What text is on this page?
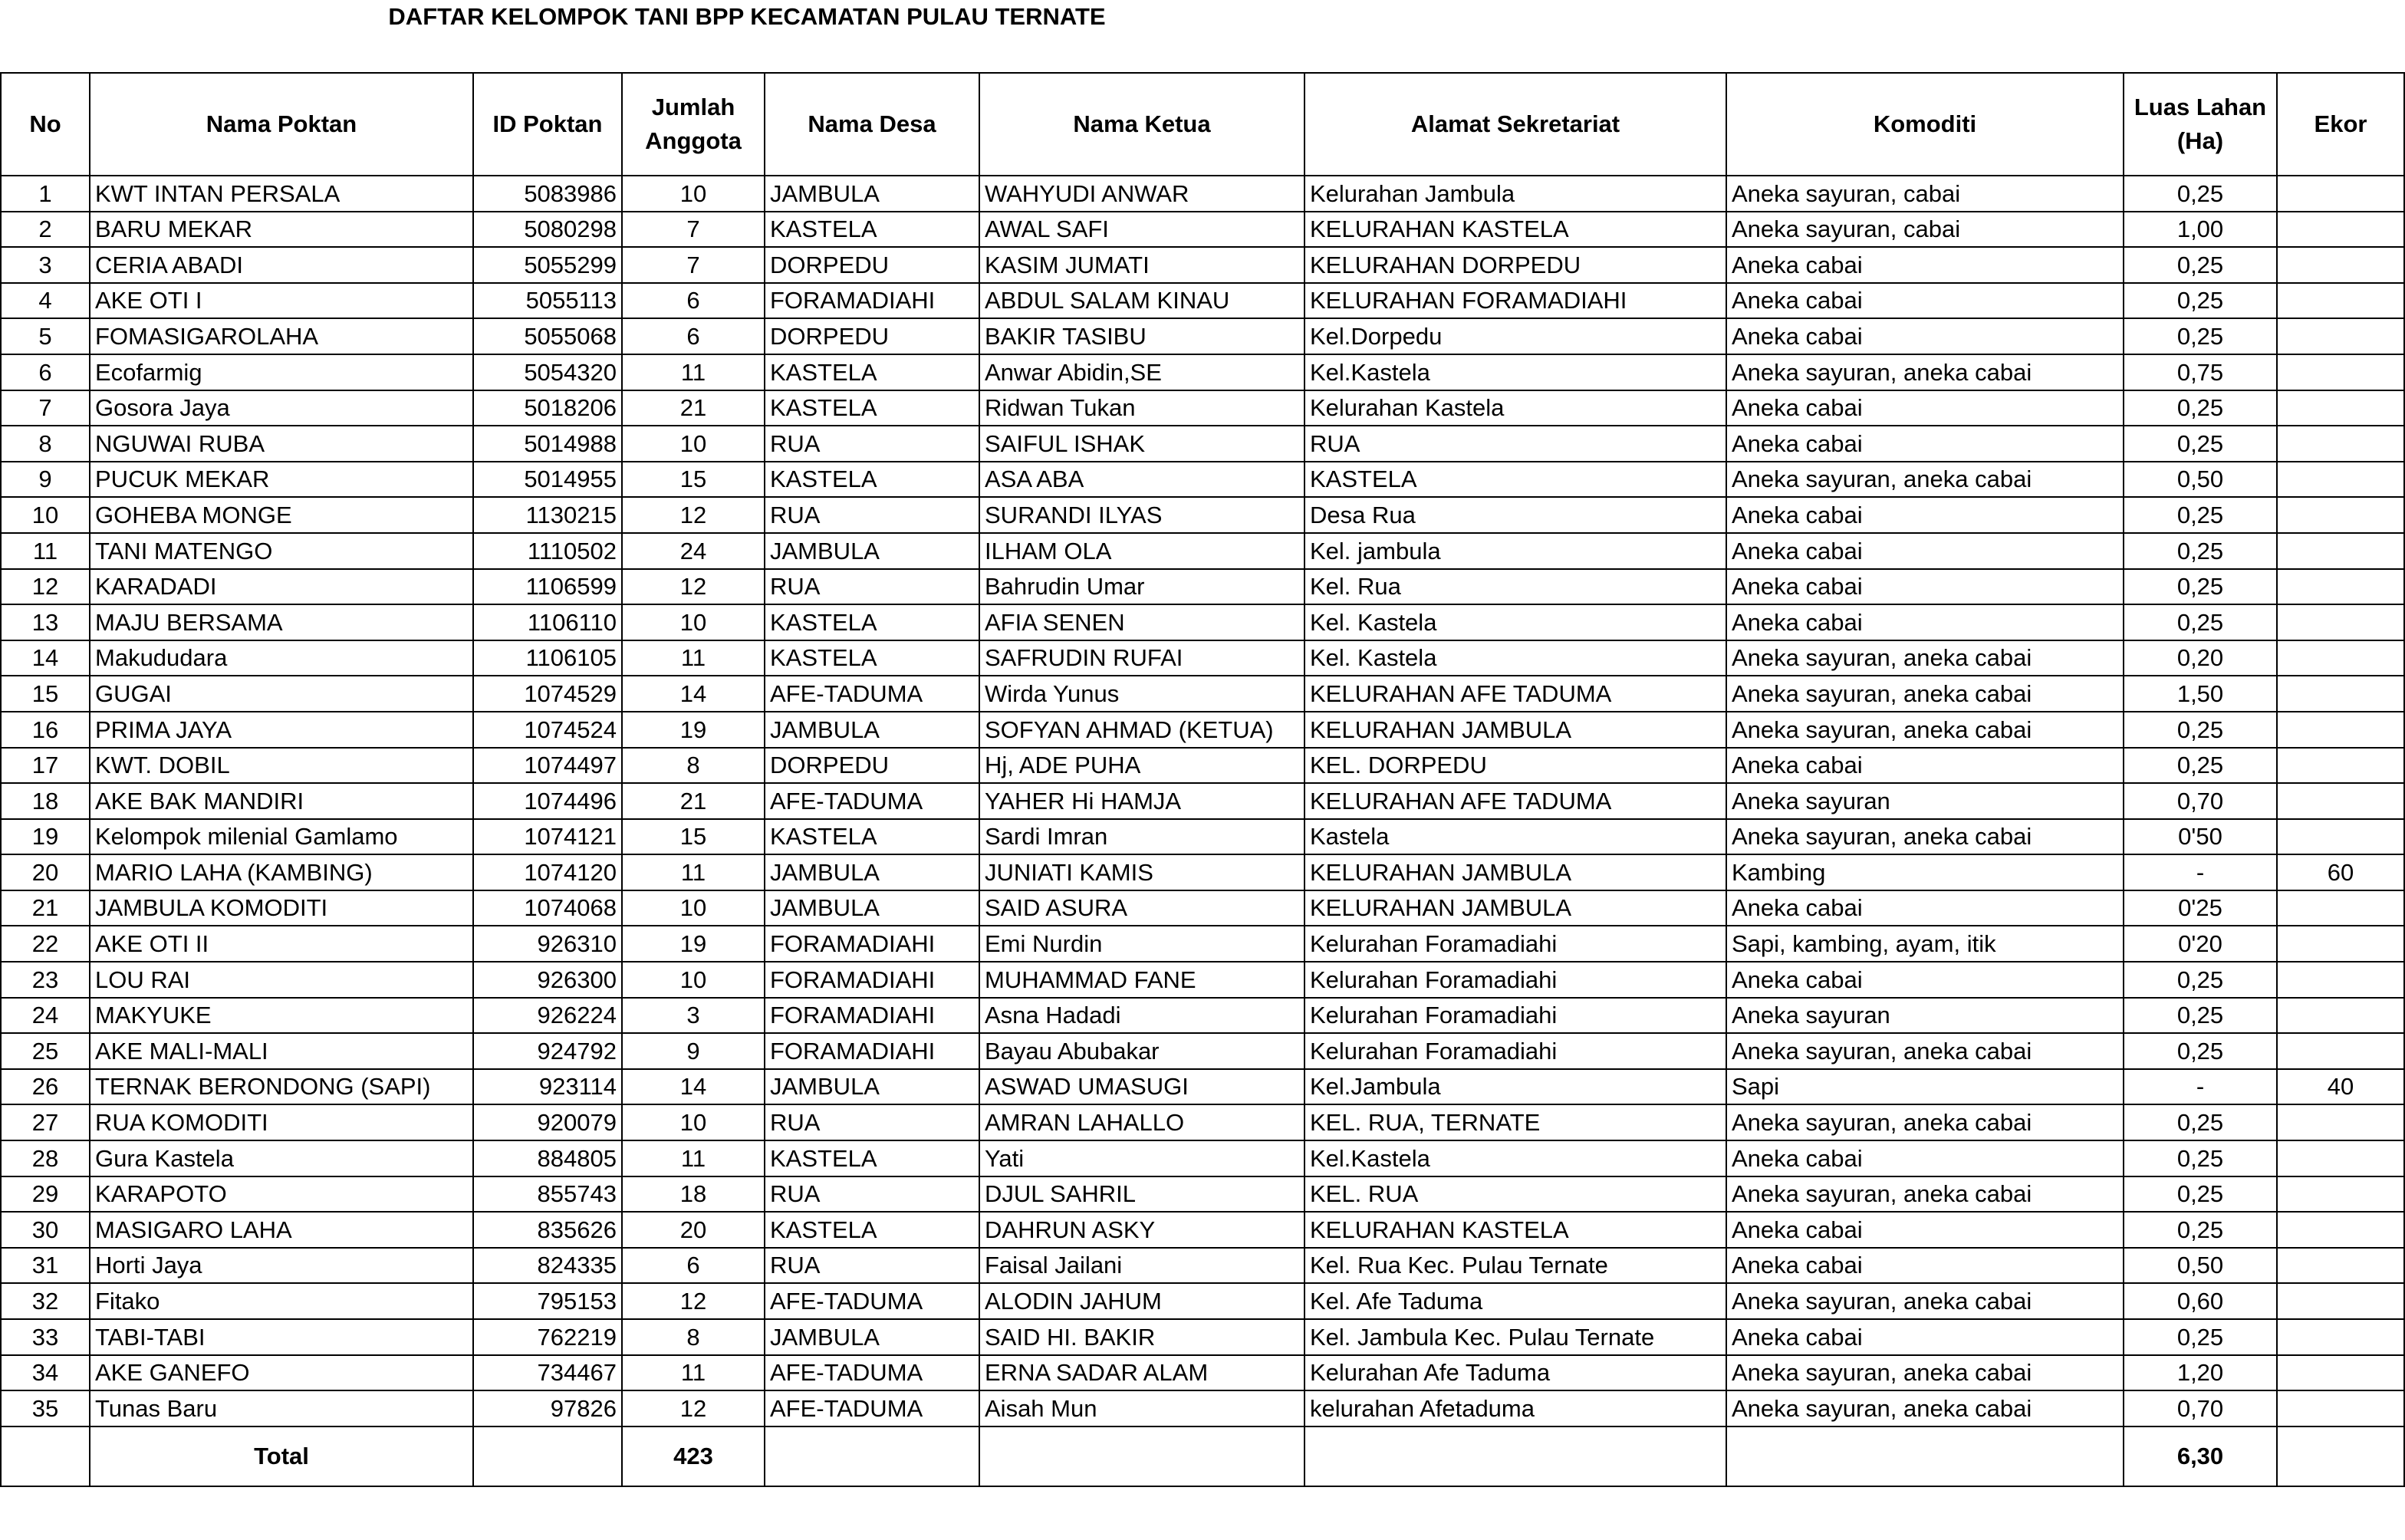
DAFTAR KELOMPOK TANI BPP KECAMATAN PULAU TERNATE
No	Nama Poktan	ID Poktan	Jumlah Anggota	Nama Desa	Nama Ketua	Alamat Sekretariat	Komoditi	Luas Lahan (Ha)	Ekor
1	KWT INTAN PERSALA	5083986	10	JAMBULA	WAHYUDI ANWAR	Kelurahan Jambula	Aneka sayuran, cabai	0,25	
2	BARU MEKAR	5080298	7	KASTELA	AWAL SAFI	KELURAHAN KASTELA	Aneka sayuran, cabai	1,00	
3	CERIA ABADI	5055299	7	DORPEDU	KASIM JUMATI	KELURAHAN DORPEDU	Aneka cabai	0,25	
4	AKE OTI I	5055113	6	FORAMADIAHI	ABDUL SALAM KINAU	KELURAHAN FORAMADIAHI	Aneka cabai	0,25	
5	FOMASIGAROLAHA	5055068	6	DORPEDU	BAKIR TASIBU	Kel.Dorpedu	Aneka cabai	0,25	
6	Ecofarmig	5054320	11	KASTELA	Anwar Abidin,SE	Kel.Kastela	Aneka sayuran, aneka cabai	0,75	
7	Gosora Jaya	5018206	21	KASTELA	Ridwan Tukan	Kelurahan Kastela	Aneka cabai	0,25	
8	NGUWAI RUBA	5014988	10	RUA	SAIFUL ISHAK	RUA	Aneka cabai	0,25	
9	PUCUK MEKAR	5014955	15	KASTELA	ASA ABA	KASTELA	Aneka sayuran, aneka cabai	0,50	
10	GOHEBA MONGE	1130215	12	RUA	SURANDI ILYAS	Desa Rua	Aneka cabai	0,25	
11	TANI MATENGO	1110502	24	JAMBULA	ILHAM OLA	Kel. jambula	Aneka cabai	0,25	
12	KARADADI	1106599	12	RUA	Bahrudin Umar	Kel. Rua	Aneka cabai	0,25	
13	MAJU BERSAMA	1106110	10	KASTELA	AFIA SENEN	Kel. Kastela	Aneka cabai	0,25	
14	Makududara	1106105	11	KASTELA	SAFRUDIN RUFAI	Kel. Kastela	Aneka sayuran, aneka cabai	0,20	
15	GUGAI	1074529	14	AFE-TADUMA	Wirda Yunus	KELURAHAN AFE TADUMA	Aneka sayuran, aneka cabai	1,50	
16	PRIMA JAYA	1074524	19	JAMBULA	SOFYAN AHMAD (KETUA)	KELURAHAN JAMBULA	Aneka sayuran, aneka cabai	0,25	
17	KWT. DOBIL	1074497	8	DORPEDU	Hj, ADE PUHA	KEL. DORPEDU	Aneka cabai	0,25	
18	AKE BAK MANDIRI	1074496	21	AFE-TADUMA	YAHER Hi HAMJA	KELURAHAN AFE TADUMA	Aneka sayuran	0,70	
19	Kelompok milenial Gamlamo	1074121	15	KASTELA	Sardi Imran	Kastela	Aneka sayuran, aneka cabai	0'50	
20	MARIO LAHA (KAMBING)	1074120	11	JAMBULA	JUNIATI KAMIS	KELURAHAN JAMBULA	Kambing	-	60
21	JAMBULA KOMODITI	1074068	10	JAMBULA	SAID ASURA	KELURAHAN JAMBULA	Aneka cabai	0'25	
22	AKE OTI II	926310	19	FORAMADIAHI	Emi Nurdin	Kelurahan Foramadiahi	Sapi, kambing, ayam, itik	0'20	
23	LOU RAI	926300	10	FORAMADIAHI	MUHAMMAD FANE	Kelurahan Foramadiahi	Aneka cabai	0,25	
24	MAKYUKE	926224	3	FORAMADIAHI	Asna Hadadi	Kelurahan Foramadiahi	Aneka sayuran	0,25	
25	AKE MALI-MALI	924792	9	FORAMADIAHI	Bayau Abubakar	Kelurahan Foramadiahi	Aneka sayuran, aneka cabai	0,25	
26	TERNAK BERONDONG (SAPI)	923114	14	JAMBULA	ASWAD UMASUGI	Kel.Jambula	Sapi	-	40
27	RUA KOMODITI	920079	10	RUA	AMRAN LAHALLO	KEL. RUA, TERNATE	Aneka sayuran, aneka cabai	0,25	
28	Gura Kastela	884805	11	KASTELA	Yati	Kel.Kastela	Aneka cabai	0,25	
29	KARAPOTO	855743	18	RUA	DJUL SAHRIL	KEL. RUA	Aneka sayuran, aneka cabai	0,25	
30	MASIGARO LAHA	835626	20	KASTELA	DAHRUN ASKY	KELURAHAN KASTELA	Aneka cabai	0,25	
31	Horti Jaya	824335	6	RUA	Faisal Jailani	Kel. Rua Kec. Pulau Ternate	Aneka cabai	0,50	
32	Fitako	795153	12	AFE-TADUMA	ALODIN JAHUM	Kel. Afe Taduma	Aneka sayuran, aneka cabai	0,60	
33	TABI-TABI	762219	8	JAMBULA	SAID HI. BAKIR	Kel. Jambula Kec. Pulau Ternate	Aneka cabai	0,25	
34	AKE GANEFO	734467	11	AFE-TADUMA	ERNA SADAR ALAM	Kelurahan Afe Taduma	Aneka sayuran, aneka cabai	1,20	
35	Tunas Baru	97826	12	AFE-TADUMA	Aisah Mun	kelurahan Afetaduma	Aneka sayuran, aneka cabai	0,70	
	Total		423					6,30	
